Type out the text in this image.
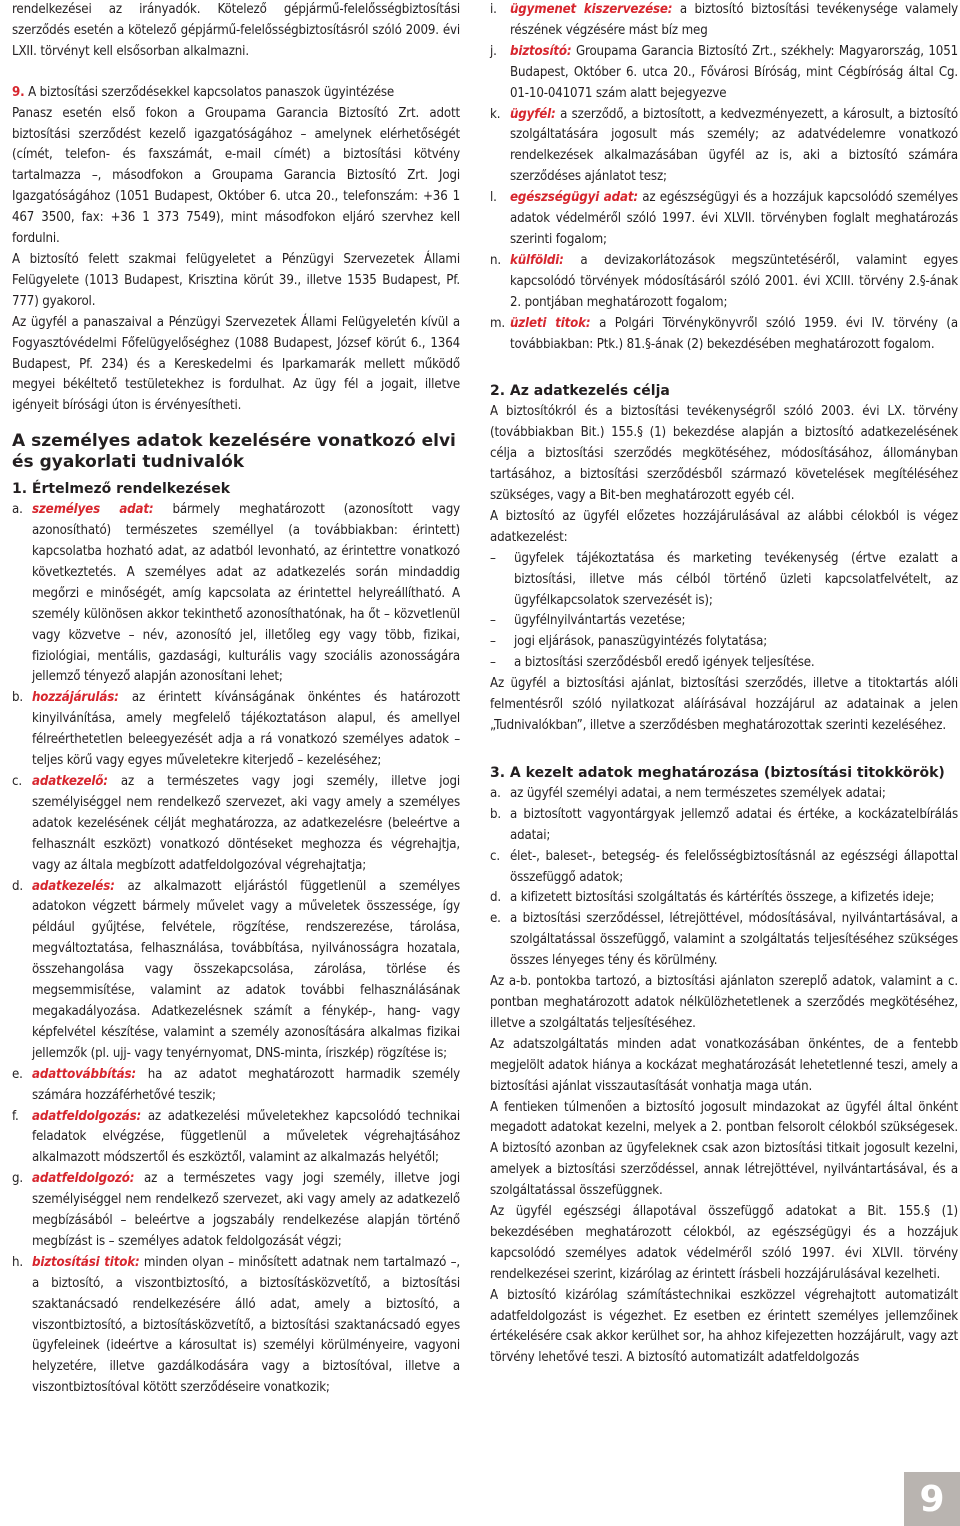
rendelkezései az irányadók. Kötelező gépjármű-felelősségbiztosítási szerződés esetén a kötelező gépjármű-felelősségbiztosításról szóló 2009. évi LXII. törvényt kell elsősorban alkalmazni.

9. A biztosítási szerződésekkel kapcsolatos panaszok ügyintézése

Panasz esetén első fokon a Groupama Garancia Biztosító Zrt. adott biztosítási szerződést kezelő igazgatóságához – amelynek elérhetőségét (címét, telefon- és faxszámát, e-mail címét) a biztosítási kötvény tartalmazza –, másodfokon a Groupama Garancia Biztosító Zrt. Jogi Igazgatóságához (1051 Budapest, Október 6. utca 20., telefonszám: +36 1 467 3500, fax: +36 1 373 7549), mint másodfokon eljáró szervhez kell fordulni.

A biztosító felett szakmai felügyeletet a Pénzügyi Szervezetek Állami Felügyelete (1013 Budapest, Krisztina körút 39., illetve 1535 Budapest, Pf. 777) gyakorol.

Az ügyfél a panaszaival a Pénzügyi Szervezetek Állami Felügyeletén kívül a Fogyasztóvédelmi Főfelügyelőséghez (1088 Budapest, József körút 6., 1364 Budapest, Pf. 234) és a Kereskedelmi és Iparkamarák mellett működő megyei békéltető testületekhez is fordulhat. Az ügy fél a jogait, illetve igényeit bírósági úton is érvényesítheti.

A személyes adatok kezelésére vonatkozó elvi és gyakorlati tudnivalók
1. Értelmező rendelkezések
a. személyes adat: bármely meghatározott (azonosított vagy azonosítható) természetes személlyel (a továbbiakban: érintett) kapcsolatba hozható adat, az adatból levonható, az érintettre vonatkozó következtetés. A személyes adat az adatkezelés során mindaddig megőrzi e minőségét, amíg kapcsolata az érintettel helyreállítható. A személy különösen akkor tekinthető azonosíthatónak, ha őt – közvetlenül vagy közvetve – név, azonosító jel, illetőleg egy vagy több, fizikai, fiziológiai, mentális, gazdasági, kulturális vagy szociális azonosságára jellemző tényező alapján azonosítani lehet;
b. hozzájárulás: az érintett kívánságának önkéntes és határozott kinyilvánítása, amely megfelelő tájékoztatáson alapul, és amellyel félreérthetetlen beleegyezését adja a rá vonatkozó személyes adatok – teljes körű vagy egyes műveletekre kiterjedő – kezeléséhez;
c. adatkezelő: az a természetes vagy jogi személy, illetve jogi személyiséggel nem rendelkező szervezet, aki vagy amely a személyes adatok kezelésének célját meghatározza, az adatkezelésre (beleértve a felhasznált eszközt) vonatkozó döntéseket meghozza és végrehajtja, vagy az általa megbízott adatfeldolgozóval végrehajtatja;
d. adatkezelés: az alkalmazott eljárástól függetlenül a személyes adatokon végzett bármely művelet vagy a műveletek összessége, így például gyűjtése, felvétele, rögzítése, rendszerezése, tárolása, megváltoztatása, felhasználása, továbbítása, nyilvánosságra hozatala, összehangolása vagy összekapcsolása, zárolása, törlése és megsemmisítése, valamint az adatok további felhasználásának megakadályozása. Adatkezelésnek számít a fénykép-, hang- vagy képfelvétel készítése, valamint a személy azonosítására alkalmas fizikai jellemzők (pl. ujj- vagy tenyérnyomat, DNS-minta, íriszkép) rögzítése is;
e. adattovábbítás: ha az adatot meghatározott harmadik személy számára hozzáférhetővé teszik;
f.	adatfeldolgozás: az adatkezelési műveletekhez kapcsolódó technikai feladatok elvégzése, függetlenül a műveletek végrehajtásához alkalmazott módszertől és eszköztől, valamint az alkalmazás helyétől;
g. adatfeldolgozó: az a természetes vagy jogi személy, illetve jogi személyiséggel nem rendelkező szervezet, aki vagy amely az adatkezelő megbízásából – beleértve a jogszabály rendelkezése alapján történő megbízást is – személyes adatok feldolgozását végzi;
h. biztosítási titok: minden olyan – minősített adatnak nem tartalmazó –, a biztosító, a viszontbiztosító, a biztosításközvetítő, a biztosítási szaktanácsadó rendelkezésére álló adat, amely a biztosító, a viszontbiztosító, a biztosításközvetítő, a biztosítási szaktanácsadó egyes ügyfeleinek (ideértve a károsultat is) személyi körülményeire, vagyoni helyzetére, illetve gazdálkodására vagy a biztosítóval, illetve a viszontbiztosítóval kötött szerződéseire vonatkozik;
i.	ügymenet kiszervezése: a biztosító biztosítási tevékenysége valamely részének végzésére mást bíz meg
j.	biztosító: Groupama Garancia Biztosító Zrt., székhely: Magyarország, 1051 Budapest, Október 6. utca 20., Fővárosi Bíróság, mint Cégbíróság által Cg. 01-10-041071 szám alatt bejegyezve
k. ügyfél: a szerződő, a biztosított, a kedvezményezett, a károsult, a biztosító szolgáltatására jogosult más személy; az adatvédelemre vonatkozó rendelkezések alkalmazásában ügyfél az is, aki a biztosító számára szerződéses ajánlatot tesz;
l.	egészségügyi adat: az egészségügyi és a hozzájuk kapcsolódó személyes adatok védelméről szóló 1997. évi XLVII. törvényben foglalt meghatározás szerinti fogalom;
n. külföldi: a devizakorlátozások megszüntetéséről, valamint egyes kapcsolódó törvények módosításáról szóló 2001. évi XCIII. törvény 2.§-ának 2. pontjában meghatározott fogalom;
m. üzleti titok: a Polgári Törvénykönyvről szóló 1959. évi IV. törvény (a továbbiakban: Ptk.) 81.§-ának (2) bekezdésében meghatározott fogalom.
2. Az adatkezelés célja

A biztosítókról és a biztosítási tevékenységről szóló 2003. évi LX. törvény (továbbiakban Bit.) 155.§ (1) bekezdése alapján a biztosító adatkezelésének célja a biztosítási szerződés megkötéséhez, módosításához, állományban tartásához, a biztosítási szerződésből származó követelések megítéléséhez szükséges, vagy a Bit-ben meghatározott egyéb cél.

A biztosító az ügyfél előzetes hozzájárulásával az alábbi célokból is végez adatkezelést:

–	ügyfelek tájékoztatása és marketing tevékenység (értve ezalatt a biztosítási, illetve más célból történő üzleti kapcsolatfelvételt, az ügyfélkapcsolatok szervezését is);
–	ügyfélnyilvántartás vezetése;
–	jogi eljárások, panaszügyintézés folytatása;
–	a biztosítási szerződésből eredő igények teljesítése.

Az ügyfél a biztosítási ajánlat, biztosítási szerződés, illetve a titoktartás alóli felmentésről szóló nyilatkozat aláírásával hozzájárul az adatainak a jelen „Tudnivalókban”, illetve a szerződésben meghatározottak szerinti kezeléséhez.

3. A kezelt adatok meghatározása (biztosítási titokkörök)
a. az ügyfél személyi adatai, a nem természetes személyek adatai;
b. a biztosított vagyontárgyak jellemző adatai és értéke, a kockázatelbírálás adatai;
c. élet-, baleset-, betegség- és felelősségbiztosításnál az egészségi állapottal összefüggő adatok;
d. a kifizetett biztosítási szolgáltatás és kártérítés összege, a kifizetés ideje;
e. a biztosítási szerződéssel, létrejöttével, módosításával, nyilvántartásával, a szolgáltatással összefüggő, valamint a szolgáltatás teljesítéséhez szükséges összes lényeges tény és körülmény.

Az a-b. pontokba tartozó, a biztosítási ajánlaton szereplő adatok, valamint a c. pontban meghatározott adatok nélkülözhetetlenek a szerződés megkötéséhez, illetve a szolgáltatás teljesítéséhez.

Az adatszolgáltatás minden adat vonatkozásában önkéntes, de a fentebb megjelölt adatok hiánya a kockázat meghatározását lehetetlenné teszi, amely a biztosítási ajánlat visszautasítását vonhatja maga után.

A fentieken túlmenően a biztosító jogosult mindazokat az ügyfél által önként megadott adatokat kezelni, melyek a 2. pontban felsorolt célokból szükségesek. A biztosító azonban az ügyfeleknek csak azon biztosítási titkait jogosult kezelni, amelyek a biztosítási szerződéssel, annak létrejöttével, nyilvántartásával, és a szolgáltatással összefüggnek.

Az ügyfél egészségi állapotával összefüggő adatokat a Bit. 155.§ (1) bekezdésében meghatározott célokból, az egészségügyi és a hozzájuk kapcsolódó személyes adatok védelméről szóló 1997. évi XLVII. törvény rendelkezései szerint, kizárólag az érintett írásbeli hozzájárulásával kezelheti.

A biztosító kizárólag számítástechnikai eszközzel végrehajtott automatizált adatfeldolgozást is végezhet. Ez esetben ez érintett személyes jellemzőinek értékelésére csak akkor kerülhet sor, ha ahhoz kifejezetten hozzájárult, vagy azt törvény lehetővé teszi. A biztosító automatizált adatfeldolgozás

9
